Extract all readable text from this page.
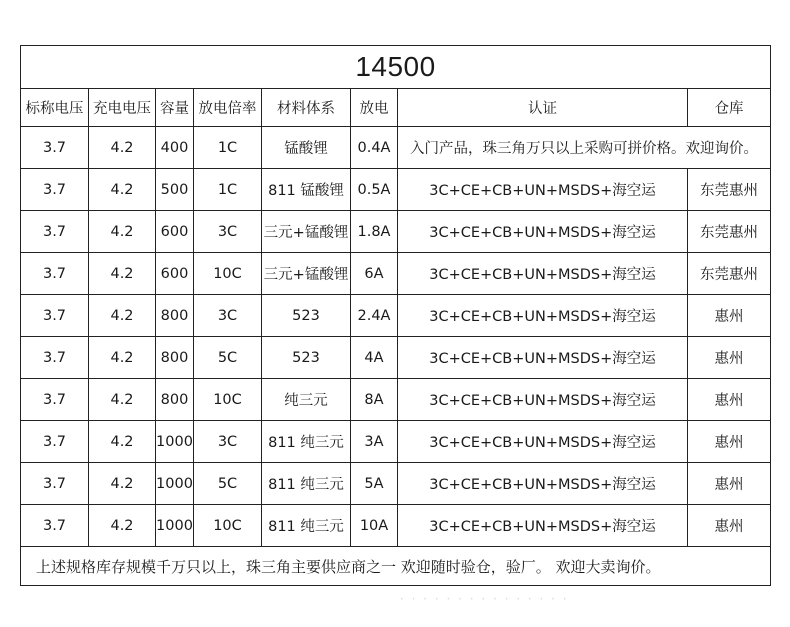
14500							
标称电压	充电电压	容量	放电倍率	材料体系	放电	认证	仓库
3.7	4.2	400	1C	锰酸锂	0.4A	入门产品，珠三角万只以上采购可拼价格。欢迎询价。	
3.7	4.2	500	1C	811 锰酸锂	0.5A	3C+CE+CB+UN+MSDS+海空运	东莞惠州
3.7	4.2	600	3C	三元+锰酸锂	1.8A	3C+CE+CB+UN+MSDS+海空运	东莞惠州
3.7	4.2	600	10C	三元+锰酸锂	6A	3C+CE+CB+UN+MSDS+海空运	东莞惠州
3.7	4.2	800	3C	523	2.4A	3C+CE+CB+UN+MSDS+海空运	惠州
3.7	4.2	800	5C	523	4A	3C+CE+CB+UN+MSDS+海空运	惠州
3.7	4.2	800	10C	纯三元	8A	3C+CE+CB+UN+MSDS+海空运	惠州
3.7	4.2	1000	3C	811 纯三元	3A	3C+CE+CB+UN+MSDS+海空运	惠州
3.7	4.2	1000	5C	811 纯三元	5A	3C+CE+CB+UN+MSDS+海空运	惠州
3.7	4.2	1000	10C	811 纯三元	10A	3C+CE+CB+UN+MSDS+海空运	惠州
上述规格库存规模千万只以上，珠三角主要供应商之一 欢迎随时验仓，验厂。 欢迎大卖询价。							
· · · · · · · · · · · · · · ·
